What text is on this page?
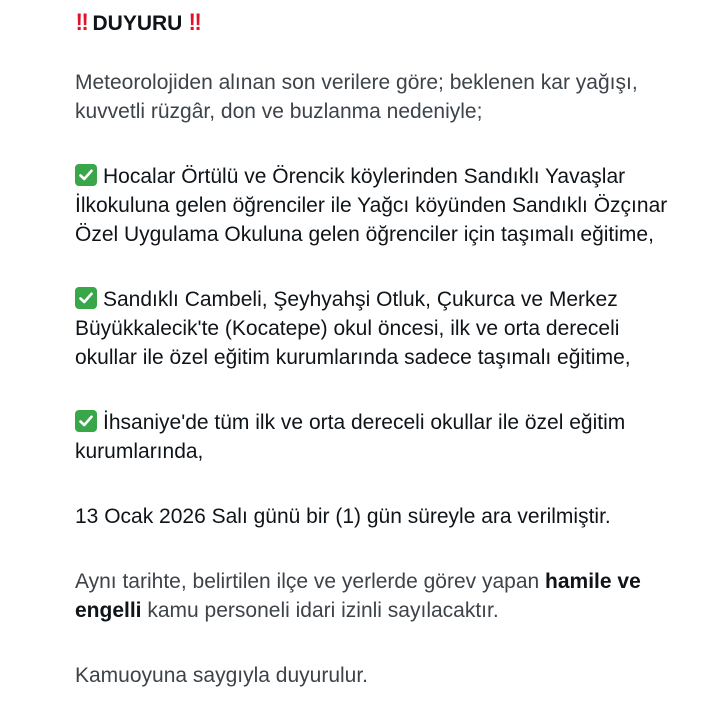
‼ DUYURU ‼

Meteorolojiden alınan son verilere göre; beklenen kar yağışı, kuvvetli rüzgâr, don ve buzlanma nedeniyle;

Hocalar Örtülü ve Örencik köylerinden Sandıklı Yavaşlar İlkokuluna gelen öğrenciler ile Yağcı köyünden Sandıklı Özçınar Özel Uygulama Okuluna gelen öğrenciler için taşımalı eğitime,

Sandıklı Cambeli, Şeyhyahşi Otluk, Çukurca ve Merkez Büyükkalecik'te (Kocatepe) okul öncesi, ilk ve orta dereceli okullar ile özel eğitim kurumlarında sadece taşımalı eğitime,

İhsaniye'de tüm ilk ve orta dereceli okullar ile özel eğitim kurumlarında,

13 Ocak 2026 Salı günü bir (1) gün süreyle ara verilmiştir.

Aynı tarihte, belirtilen ilçe ve yerlerde görev yapan hamile ve engelli kamu personeli idari izinli sayılacaktır.

Kamuoyuna saygıyla duyurulur.
